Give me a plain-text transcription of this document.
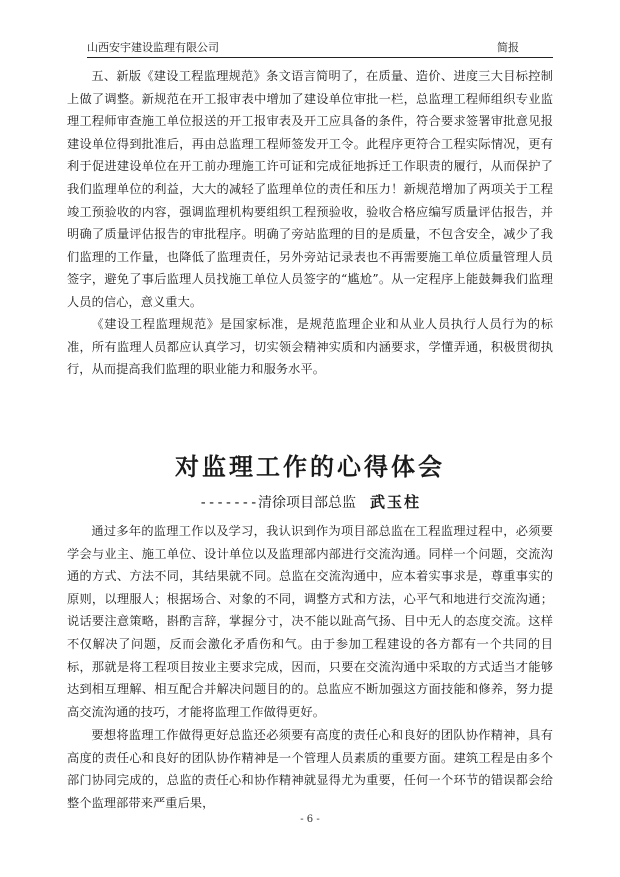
山西安宇建设监理有限公司	简报

五、新版《建设工程监理规范》条文语言简明了，在质量、造价、进度三大目标控制上做了调整。新规范在开工报审表中增加了建设单位审批一栏，总监理工程师组织专业监理工程师审查施工单位报送的开工报审表及开工应具备的条件，符合要求签署审批意见报建设单位得到批准后，再由总监理工程师签发开工令。此程序更符合工程实际情况，更有利于促进建设单位在开工前办理施工许可证和完成征地拆迁工作职责的履行，从而保护了我们监理单位的利益，大大的减轻了监理单位的责任和压力！新规范增加了两项关于工程竣工预验收的内容，强调监理机构要组织工程预验收，验收合格应编写质量评估报告，并明确了质量评估报告的审批程序。明确了旁站监理的目的是质量，不包含安全，减少了我们监理的工作量，也降低了监理责任，另外旁站记录表也不再需要施工单位质量管理人员签字，避免了事后监理人员找施工单位人员签字的“尴尬”。从一定程序上能鼓舞我们监理人员的信心，意义重大。

《建设工程监理规范》是国家标准，是规范监理企业和从业人员执行人员行为的标准，所有监理人员都应认真学习，切实领会精神实质和内涵要求，学懂弄通，积极贯彻执行，从而提高我们监理的职业能力和服务水平。

对监理工作的心得体会
-------清徐项目部总监 武玉柱

通过多年的监理工作以及学习，我认识到作为项目部总监在工程监理过程中，必须要学会与业主、施工单位、设计单位以及监理部内部进行交流沟通。同样一个问题，交流沟通的方式、方法不同，其结果就不同。总监在交流沟通中，应本着实事求是，尊重事实的原则，以理服人；根据场合、对象的不同，调整方式和方法，心平气和地进行交流沟通；说话要注意策略，斟酌言辞，掌握分寸，决不能以趾高气扬、目中无人的态度交流。这样不仅解决了问题，反而会激化矛盾伤和气。由于参加工程建设的各方都有一个共同的目标，那就是将工程项目按业主要求完成，因而，只要在交流沟通中采取的方式适当才能够达到相互理解、相互配合并解决问题目的的。总监应不断加强这方面技能和修养，努力提高交流沟通的技巧，才能将监理工作做得更好。

要想将监理工作做得更好总监还必须要有高度的责任心和良好的团队协作精神，具有高度的责任心和良好的团队协作精神是一个管理人员素质的重要方面。建筑工程是由多个部门协同完成的，总监的责任心和协作精神就显得尤为重要，任何一个环节的错误都会给整个监理部带来严重后果，

- 6 -
